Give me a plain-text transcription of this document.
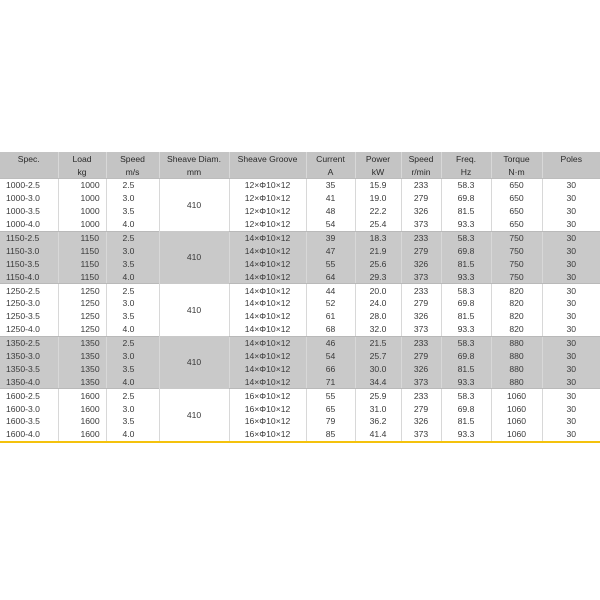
Spec.	Load	Speed	Sheave Diam.	Sheave Groove	Current	Power	Speed	Freq.	Torque	Poles
	kg	m/s	mm		A	kW	r/min	Hz	N·m	
1000-2.5	1000	2.5	410	12×Φ10×12	35	15.9	233	58.3	650	30
1000-3.0	1000	3.0		12×Φ10×12	41	19.0	279	69.8	650	30
1000-3.5	1000	3.5		12×Φ10×12	48	22.2	326	81.5	650	30
1000-4.0	1000	4.0		12×Φ10×12	54	25.4	373	93.3	650	30
1150-2.5	1150	2.5	410	14×Φ10×12	39	18.3	233	58.3	750	30
1150-3.0	1150	3.0		14×Φ10×12	47	21.9	279	69.8	750	30
1150-3.5	1150	3.5		14×Φ10×12	55	25.6	326	81.5	750	30
1150-4.0	1150	4.0		14×Φ10×12	64	29.3	373	93.3	750	30
1250-2.5	1250	2.5	410	14×Φ10×12	44	20.0	233	58.3	820	30
1250-3.0	1250	3.0		14×Φ10×12	52	24.0	279	69.8	820	30
1250-3.5	1250	3.5		14×Φ10×12	61	28.0	326	81.5	820	30
1250-4.0	1250	4.0		14×Φ10×12	68	32.0	373	93.3	820	30
1350-2.5	1350	2.5	410	14×Φ10×12	46	21.5	233	58.3	880	30
1350-3.0	1350	3.0		14×Φ10×12	54	25.7	279	69.8	880	30
1350-3.5	1350	3.5		14×Φ10×12	66	30.0	326	81.5	880	30
1350-4.0	1350	4.0		14×Φ10×12	71	34.4	373	93.3	880	30
1600-2.5	1600	2.5	410	16×Φ10×12	55	25.9	233	58.3	1060	30
1600-3.0	1600	3.0		16×Φ10×12	65	31.0	279	69.8	1060	30
1600-3.5	1600	3.5		16×Φ10×12	79	36.2	326	81.5	1060	30
1600-4.0	1600	4.0		16×Φ10×12	85	41.4	373	93.3	1060	30
